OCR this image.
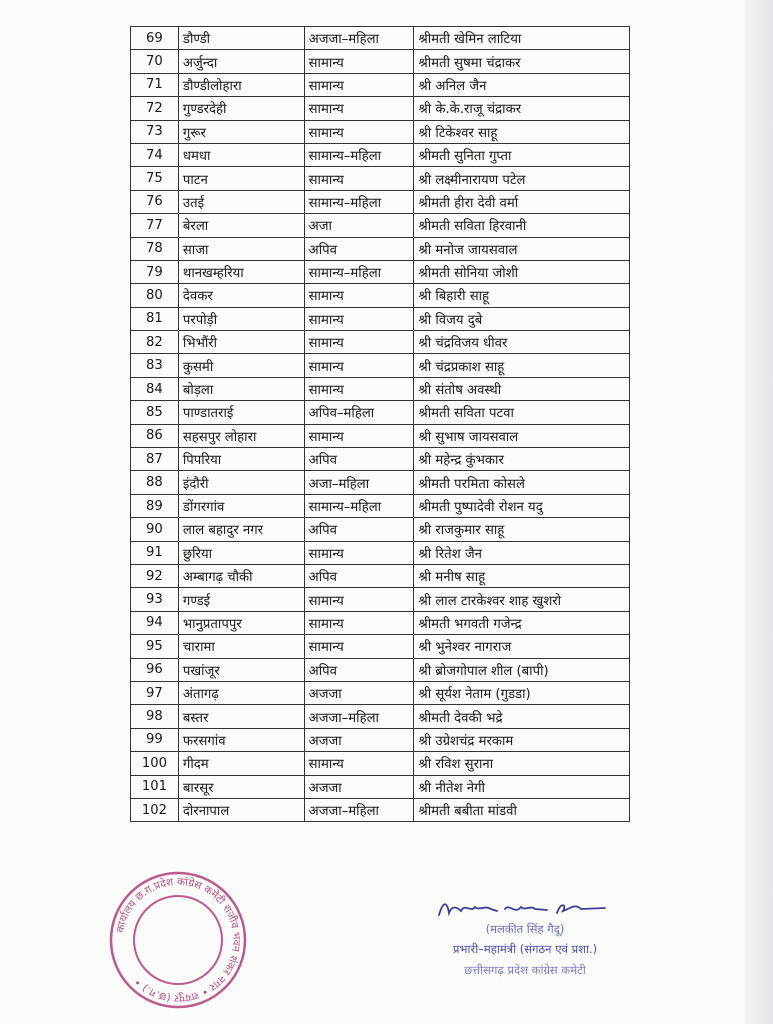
69	डौण्डी	अजजा–महिला	श्रीमती खेमिन लाटिया
70	अर्जुन्दा	सामान्य	श्रीमती सुषमा चंद्राकर
71	डौण्डीलोहारा	सामान्य	श्री अनिल जैन
72	गुण्डरदेही	सामान्य	श्री के.के.राजू चंद्राकर
73	गुरूर	सामान्य	श्री टिकेश्वर साहू
74	धमधा	सामान्य–महिला	श्रीमती सुनिता गुप्ता
75	पाटन	सामान्य	श्री लक्ष्मीनारायण पटेल
76	उतई	सामान्य–महिला	श्रीमती हीरा देवी वर्मा
77	बेरला	अजा	श्रीमती सविता हिरवानी
78	साजा	अपिव	श्री मनोज जायसवाल
79	थानखम्हरिया	सामान्य–महिला	श्रीमती सोनिया जोशी
80	देवकर	सामान्य	श्री बिहारी साहू
81	परपोड़ी	सामान्य	श्री विजय दुबे
82	भिभौंरी	सामान्य	श्री चंद्रविजय धीवर
83	कुसमी	सामान्य	श्री चंद्रप्रकाश साहू
84	बोड़ला	सामान्य	श्री संतोष अवस्थी
85	पाण्डातराई	अपिव–महिला	श्रीमती सविता पटवा
86	सहसपुर लोहारा	सामान्य	श्री सुभाष जायसवाल
87	पिपरिया	अपिव	श्री महेन्द्र कुंभकार
88	इंदौरी	अजा–महिला	श्रीमती परमिता कोसले
89	डोंगरगांव	सामान्य–महिला	श्रीमती पुष्पादेवी रोशन यदु
90	लाल बहादुर नगर	अपिव	श्री राजकुमार साहू
91	छुरिया	सामान्य	श्री रितेश जैन
92	अम्बागढ़ चौकी	अपिव	श्री मनीष साहू
93	गण्डई	सामान्य	श्री लाल टारकेश्वर शाह खुशरो
94	भानुप्रतापपुर	सामान्य	श्रीमती भगवती गजेन्द्र
95	चारामा	सामान्य	श्री भुनेश्वर नागराज
96	पखांजूर	अपिव	श्री ब्रोजगोपाल शील (बापी)
97	अंतागढ़	अजजा	श्री सूर्यश नेताम (गुडडा)
98	बस्तर	अजजा–महिला	श्रीमती देवकी भद्रे
99	फरसगांव	अजजा	श्री उग्रेशचंद्र मरकाम
100	गीदम	सामान्य	श्री रविश सुराना
101	बारसूर	अजजा	श्री नीतेश नेगी
102	दोरनापाल	अजजा–महिला	श्रीमती बबीता मांडवी
कार्यालय छ.ग.प्रदेश कांग्रेस कमेटी राजीव भवन शंकर नगर • रायपुर (छ.ग.) •
(मलकीत सिंह गैदू)
प्रभारी–महामंत्री (संगठन एवं प्रशा.)
छत्तीसगढ़ प्रदेश कांग्रेस कमेटी
